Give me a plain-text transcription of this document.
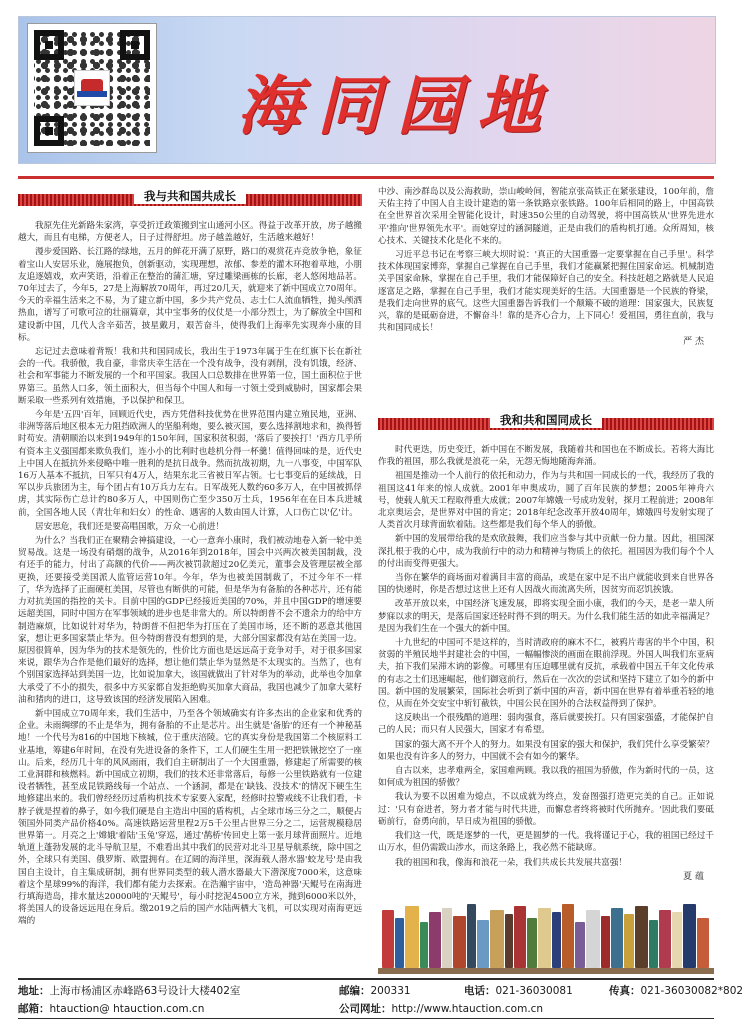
海同园地
我与共和国共成长

我原先住光新路朱家湾，享受折迁政策搬到宝山通河小区。得益于改革开放，房子越搬越大，而且有电梯，方便老人，日子过得舒坦。房子越盖越好，生活越来越好！

漫步爱国路、长江路的绿地，五月的鲜花开满了原野，路口的观赏花卉竞放争艳，象征着宝山人安居乐业，施展抱负，创新驱动，实现理想，浓郁、参差的灌木环抱着草地，小朋友追逐嬉戏，欢声笑语，沿着正在整治的蒲汇塘，穿过雕梁画栋的长廊，老人悠闲地品茗。70年过去了，今年5，27是上海解放70周年，再过20几天，就迎来了新中国成立70周年。今天的幸福生活来之不易，为了建立新中国，多少共产党员、志士仁人流血牺牲，抛头颅洒热血，谱写了可歌可泣的壮丽篇章，其中宝事务的仪仗是一小部分烈士，为了解放全中国和建设新中国，几代人含辛茹苦，披星戴月，艰苦奋斗，使得我们上海率先实现奔小康的目标。

忘记过去意味着背叛！我和共和国同成长，我出生于1973年属于生在红旗下长在新社会的一代。我骄傲，我自豪，非常庆幸生活在一个没有战争，没有剥削，没有饥饿，经济、社会和军事能力不断发展的一个和平国家。我国人口总数排在世界第一位，国土面积位于世界第三。虽然人口多，领土面积大，但当每个中国人和每一寸领土受到威胁时，国家都会果断采取一些系列有效措施，予以保护和保卫。

今年是'五四'百年，回顾近代史，西方凭借科技优势在世界范围内建立殖民地，亚洲、非洲等落后地区根本无力阻挡欧洲人的坚船利炮，要么被灭国，要么选择割地求和，换得暂时苟安。清朝顺治以来到1949年的150年间，国家积贫积弱，'落后了要挨打！'西方几乎所有资本主义强国都来欺负我们，连小小的比利时也趁机分得一杯羹！值得回味的是，近代史上中国人在抵抗外来侵略中唯一胜利的是抗日战争。然而抗战初期，九一八事变，中国军队16万人基本不抵抗，日军只有4万人，结果东北三省被日军占领。七七事变后的延续战，日军以步兵旅团为主，每个团占有10万兵力左右。日军战死人数约60多万人，在中国被抓俘虏，其实际伤亡总计约80多万人，中国则伤亡至少350万士兵，1956年在在日本兵进城前，全国各地人民（青壮年和妇女）的性命、遇害的人数由国人计算，人口伤亡以'亿'计。

居安思危，我们还是要高唱国歌，万众一心前进！

为什么？当我们正在聚精会神搞建设，一心一意奔小康时，我们被动地卷入新一轮中美贸易战。这是一场没有硝烟的战争，从2016年到2018年，国会中兴两次被美国制裁，没有还手的能力，付出了高额的代价——两次被罚款超过20亿美元，董事会及管理层被全部更换，还要接受美国派人监管运营10年。今年，华为也被美国制裁了，不过今年不一样了，华为选择了正面硬杠美国，尽管也有断供的可能，但是华为有备胎的各种芯片，还有能力对抗美国的指控的关卡。目前中国的GDP已经接近美国的70%，并且中国GDP的增速要远超美国，同时中国方在军事领域的进步也是非常大的。所以特朗普不会不遗余力的给中方制造麻烦，比如说针对华为，特朗普不但把华为打压在了美国市场，还不断的恶意其他国家，想让更多国家禁止华为。但今特朗普没有想到的是，大部分国家都没有站在美国一边。原因很简单，因为华为的技术是领先的，性价比方面也是远远高于竞争对手，对于很多国家来说，跟华为合作是他们最好的选择，想让他们禁止华为显然是不太现实的。当然了，也有个别国家选择站到美国一边，比如说加拿大，该国就做出了针对华为的举动，此举也令加拿大承受了不小的损失，很多中方买家都自发拒绝购买加拿大商品，我国也减少了加拿大菜籽油和猪肉的进口，这导致该国的经济发展陷入困难。

新中国成立70周年来，我们生活中，乃至各个领域确实有许多杰出的企业家和优秀的企业。未雨绸缪的不止是华为，拥有备胎的不止是芯片。出生就是'备胎'的还有一个神秘基地！一个代号为816的中国地下核城，位于重庆涪陵。它的真实身份是我国第二个核原料工业基地，筹建6年时间，在没有先进设备的条件下，工人们硬生生用一把把铁锹挖空了一座山。后来，经历几十年的风风雨雨，我们自主研制出了一个大国重器，修建起了所需要的核工业洞群和核燃料。新中国成立初期，我们的技术还非常落后，每修一公里铁路就有一位建设者牺牲，甚至成昆铁路线每一个站点、一个涵洞，都是在'缺钱、没技术'的情况下硬生生地修建出来的。我们曾经经历过盾构机技术专家要入家配，经修时拉警戒线不让我们看，卡脖子就是捏着的鼻子，如今我们硬是自主造出中国的盾构机，占全球市场三分之二，顺便占领国外同类产品价格40%。高速铁路运营里程2万5千公里占世界三分之二，运营规模稳居世界第一。月亮之上'嫦娥'着陆'玉兔'穿巡，通过'鹊桥'传回史上第一张月球背面照片。近地轨道上蓬勃发展的北斗导航卫星，不难看出其中我们的民营对北斗卫星导航系统，除中国之外，全球只有美国、俄罗斯、欧盟拥有。在辽阔的海洋里，深海载人潜水器'蛟龙号'是由我国自主设计，自主集成研制，拥有世界同类型的载人潜水器最大下潜深度7000米，这意味着这个星球99%的海洋，我们都有能力去探索。在浩瀚宇宙中，'造岛神器'天鲲号在南海进行填海造岛，排水量达20000吨的'天鲲号'，每小时挖泥4500立方米，抛到6000米以外，将美国人的设备远远甩在身后。缴2019之后的国产水陆两栖大飞机，可以实现对南海更远端的

中沙、南沙群岛以及公海救助，崇山峻岭间，智能京张高铁正在紧张建设，100年前，詹天佑主持了中国人自主设计建造的第一条铁路京张铁路。100年后相同的路上，中国高铁在全世界首次采用全智能化设计，时速350公里的自动驾驶，将中国高铁从'世界先进水平'推向'世界领先水平'。而她穿过的涵洞隧道，正是由我们的盾构机打通。众所周知，核心技术、关键技术化是化不来的。

习近平总书记在考察三峡大坝时说：'真正的大国重器一定要掌握在自己手里'。科学技术体现国家博弈，掌握自己掌握在自己手里，我们才能赢紧把握住国家命运。机械制造关乎国家命脉，掌握在自己手里，我们才能保障好自己的安全。科技赶超之路就是人民追逐富足之路，掌握在自己手里，我们才能实现美好的生活。大国重器是一个民族的脊梁，是我们走向世界的底气。这些大国重器告诉我们一个颠簸不破的道理：国家强大，民族复兴，靠的是砥砺奋进，不懈奋斗！靠的是齐心合力，上下同心！爱祖国，勇往直前，我与共和国同成长！

严 杰
我和共和国同成长

时代更迭，历史变迁，新中国在不断发展，我随着共和国也在不断成长。若将大海比作我的祖国，那么我就是浪花一朵，无怨无悔地随海奔涌。

祖国是推动一个人前行的依托和动力，作为与共和国一同成长的一代，我经历了我的祖国这41年来的惊人成就。2001年申奥成功，圆了百年民族的梦想；2005年神舟六号，使载人航天工程取得重大成就；2007年嫦娥一号成功发射，探月工程前进；2008年北京奥运会，是世界对中国的肯定；2018年纪念改革开放40周年，嫦娥四号发射实现了人类首次月球背面软着陆。这些都是我们每个华人的骄傲。

新中国的发展带给我的是欢欣鼓舞，我们应当参与其中贡献一份力量。因此，祖国深深扎根于我的心中，成为我前行中的动力和精神与物质上的依托。祖国因为我们每个个人的付出而变得更强大。

当你在繁华的商场面对着满目丰富的商品，或是在家中足不出户就能收到来自世界各国的快递时，你是否想过这世上还有人因战火而流离失所，因贫穷而忍饥挨饿。

改革开放以来，中国经济飞速发展，即将实现全面小康，我们的今天，是老一辈人所梦寐以求的明天，是落后国家还轻时得不到的明天。为什么我们能生活的如此幸福满足？是因为我们生在一个强大的新中国。

十九世纪的中国可不是这样的，当时清政府的麻木不仁，被鸦片毒害的半个中国，积贫弱的半殖民地半封建社会的中国，一幅幅惨淡的画面在眼前浮现。外国人叫我们东亚病夫，拍下我们呆滞木讷的影像。可哪里有压迫哪里就有反抗，承载着中国五千年文化传承的有志之士们迅速崛起，他们御寇前行，然后在一次次的尝试和坚持下建立了如今的新中国。新中国的发展繁荣，国际社会听到了新中国的声音，新中国在世界有着举重若轻的地位，从而在外交安宝中斩钉截铁，中国公民在国外的合法权益得到了保护。

这反映出一个很残酷的道理：弱肉强食，落后就要挨打。只有国家强盛，才能保护自己的人民；而只有人民强大，国家才有希望。

国家的强大离不开个人的努力。如果没有国家的强大和保护，我们凭什么享受繁荣？如果也没有许多人的努力，中国就不会有如今的繁华。

自古以来，忠孝难两全，家国难两顾。我以我的祖国为骄傲，作为新时代的一员，这如何成为祖国的骄傲？

我认为要不以困难为熄点，不以成就为终点，发奋图强打造更完美的自己。正如说过：'只有奋进者，努力者才能与时代共进，而懈怠者终将被时代所抛弃。'因此我们要砥砺前行，奋勇向前，早日成为祖国的骄傲。

我们这一代，既是逐梦的一代，更是圆梦的一代。我将谨记于心，我的祖国已经过千山万水，但仍需跋山涉水，而这条路上，我必然不能缺席。

我的祖国和我，像海和浪花一朵，我们共成长共发展共富强！

夏 蕴
地址：上海市杨浦区赤峰路63号设计大楼402室	邮编：200331	电话：021-36030081	传真：021-36030082*802
邮箱：htauction@ htauction.com.cn	公司网址：http://www.htauction.com.cn
